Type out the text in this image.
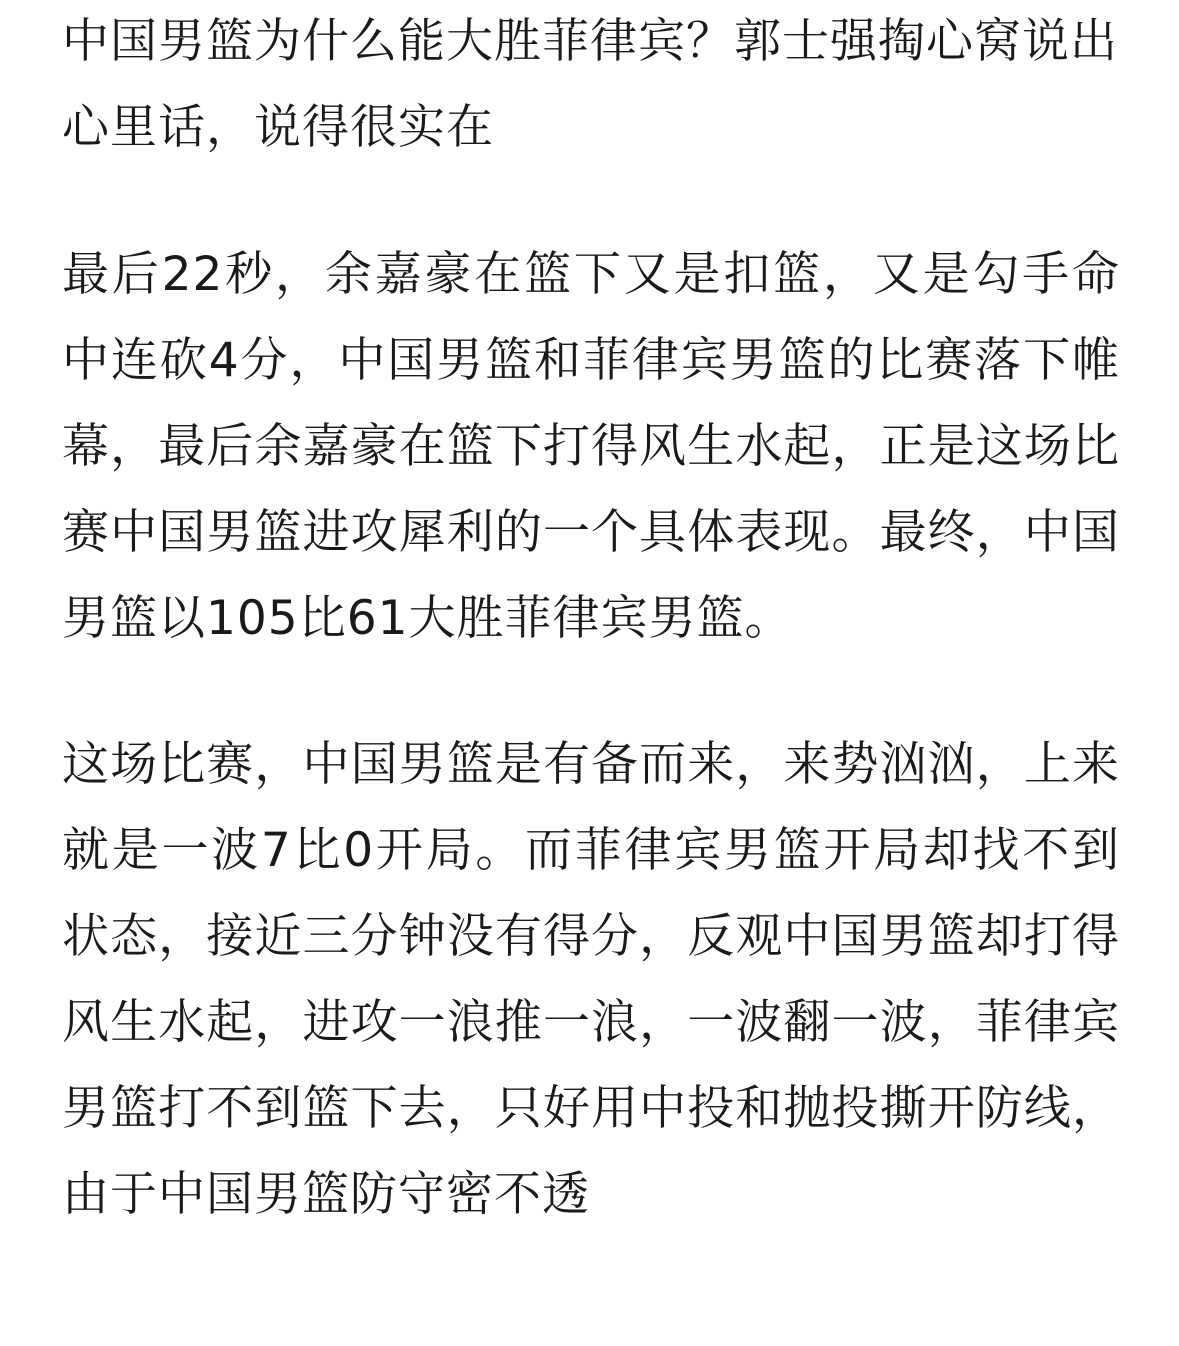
中国男篮为什么能大胜菲律宾？郭士强掏心窝说出心里话，说得很实在

最后22秒，余嘉豪在篮下又是扣篮，又是勾手命中连砍4分，中国男篮和菲律宾男篮的比赛落下帷幕，最后余嘉豪在篮下打得风生水起，正是这场比赛中国男篮进攻犀利的一个具体表现。最终，中国男篮以105比61大胜菲律宾男篮。

这场比赛，中国男篮是有备而来，来势汹汹，上来就是一波7比0开局。而菲律宾男篮开局却找不到状态，接近三分钟没有得分，反观中国男篮却打得风生水起，进攻一浪推一浪，一波翻一波，菲律宾男篮打不到篮下去，只好用中投和抛投撕开防线，由于中国男篮防守密不透
